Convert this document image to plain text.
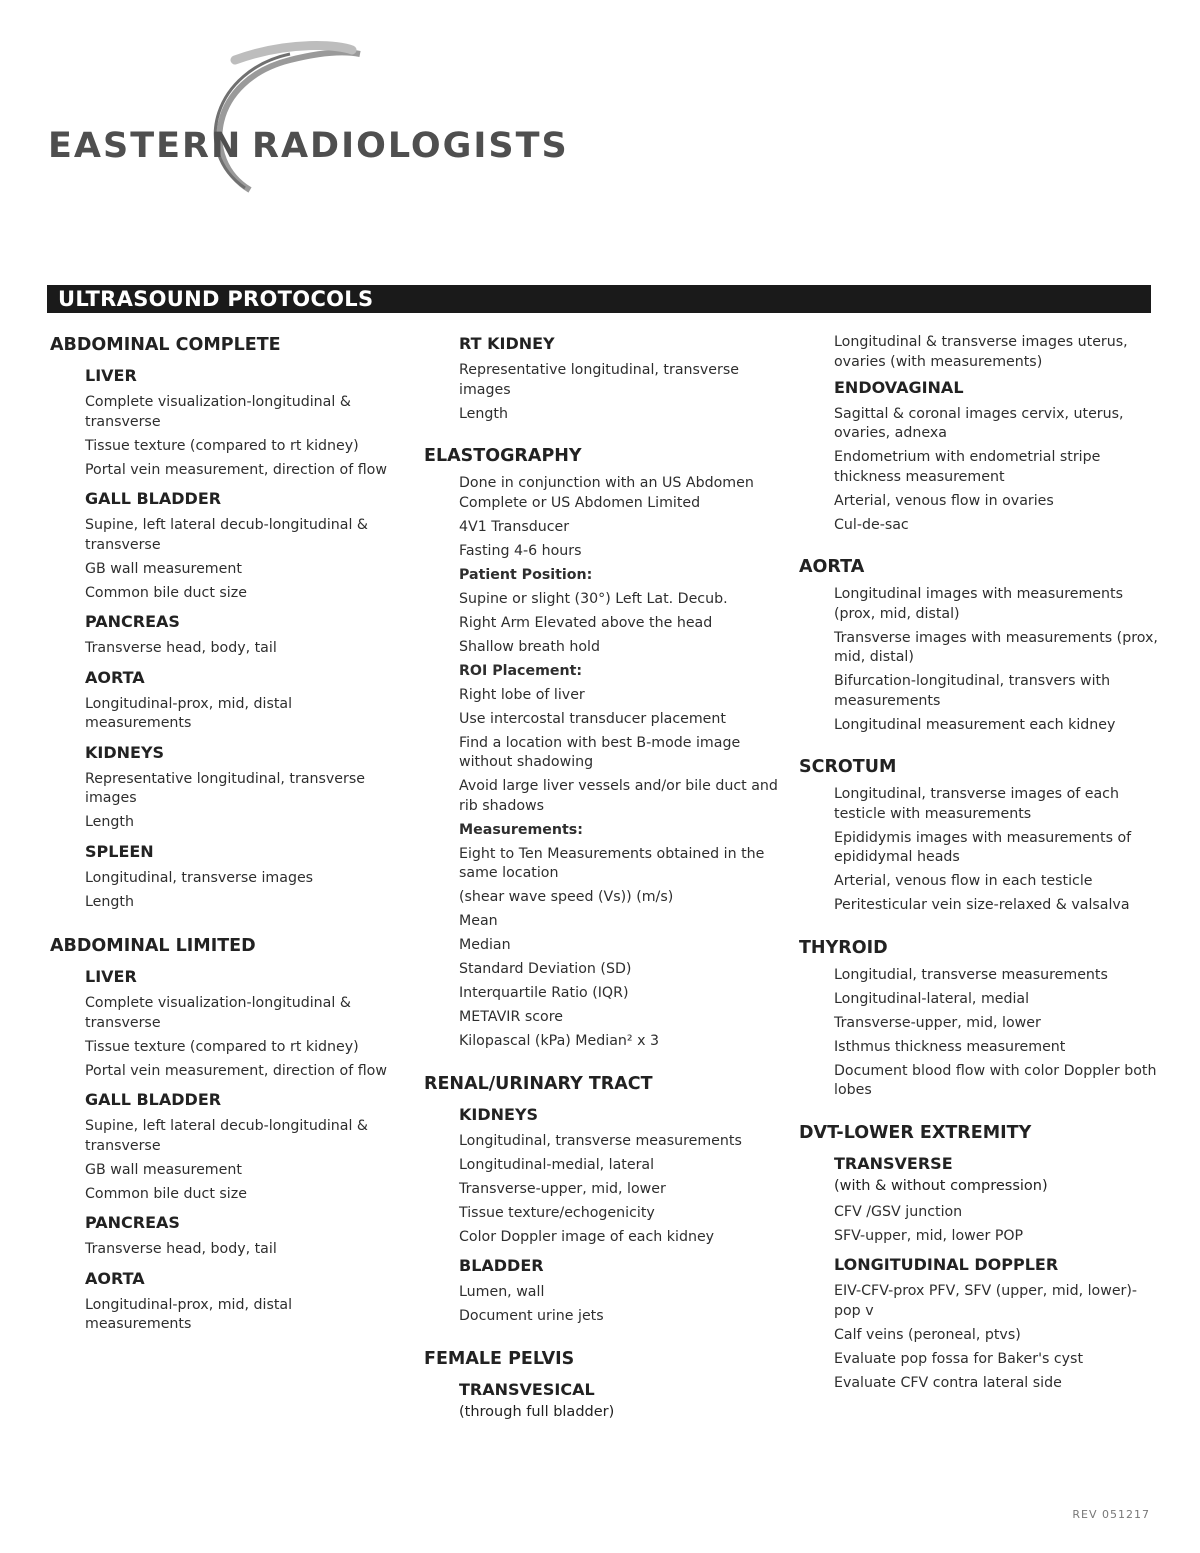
EASTERN RADIOLOGISTS
ULTRASOUND PROTOCOLS
ABDOMINAL COMPLETE
LIVER
Complete visualization-longitudinal & transverse
Tissue texture (compared to rt kidney)
Portal vein measurement, direction of flow
GALL BLADDER
Supine, left lateral decub-longitudinal & transverse
GB wall measurement
Common bile duct size
PANCREAS
Transverse head, body, tail
AORTA
Longitudinal-prox, mid, distal measurements
KIDNEYS
Representative longitudinal, transverse images
Length
SPLEEN
Longitudinal, transverse images
Length
ABDOMINAL LIMITED
LIVER
Complete visualization-longitudinal & transverse
Tissue texture (compared to rt kidney)
Portal vein measurement, direction of flow
GALL BLADDER
Supine, left lateral decub-longitudinal & transverse
GB wall measurement
Common bile duct size
PANCREAS
Transverse head, body, tail
AORTA
Longitudinal-prox, mid, distal measurements
RT KIDNEY
Representative longitudinal, transverse images
Length
ELASTOGRAPHY
Done in conjunction with an US Abdomen Complete or US Abdomen Limited
4V1 Transducer
Fasting 4-6 hours
Patient Position:
Supine or slight (30°) Left Lat. Decub.
Right Arm Elevated above the head
Shallow breath hold
ROI Placement:
Right lobe of liver
Use intercostal transducer placement
Find a location with best B-mode image without shadowing
Avoid large liver vessels and/or bile duct and rib shadows
Measurements:
Eight to Ten Measurements obtained in the same location
(shear wave speed (Vs)) (m/s)
Mean
Median
Standard Deviation (SD)
Interquartile Ratio (IQR)
METAVIR score
Kilopascal (kPa) Median² x 3
RENAL/URINARY TRACT
KIDNEYS
Longitudinal, transverse measurements
Longitudinal-medial, lateral
Transverse-upper, mid, lower
Tissue texture/echogenicity
Color Doppler image of each kidney
BLADDER
Lumen, wall
Document urine jets
FEMALE PELVIS
TRANSVESICAL
(through full bladder)
Longitudinal & transverse images uterus, ovaries (with measurements)
ENDOVAGINAL
Sagittal & coronal images cervix, uterus, ovaries, adnexa
Endometrium with endometrial stripe thickness measurement
Arterial, venous flow in ovaries
Cul-de-sac
AORTA
Longitudinal images with measurements (prox, mid, distal)
Transverse images with measurements (prox, mid, distal)
Bifurcation-longitudinal, transvers with measurements
Longitudinal measurement each kidney
SCROTUM
Longitudinal, transverse images of each testicle with measurements
Epididymis images with measurements of epididymal heads
Arterial, venous flow in each testicle
Peritesticular vein size-relaxed & valsalva
THYROID
Longitudial, transverse measurements
Longitudinal-lateral, medial
Transverse-upper, mid, lower
Isthmus thickness measurement
Document blood flow with color Doppler both lobes
DVT-LOWER EXTREMITY
TRANSVERSE
(with & without compression)
CFV /GSV junction
SFV-upper, mid, lower POP
LONGITUDINAL DOPPLER
EIV-CFV-prox PFV, SFV (upper, mid, lower)-pop v
Calf veins (peroneal, ptvs)
Evaluate pop fossa for Baker's cyst
Evaluate CFV contra lateral side
REV 051217
